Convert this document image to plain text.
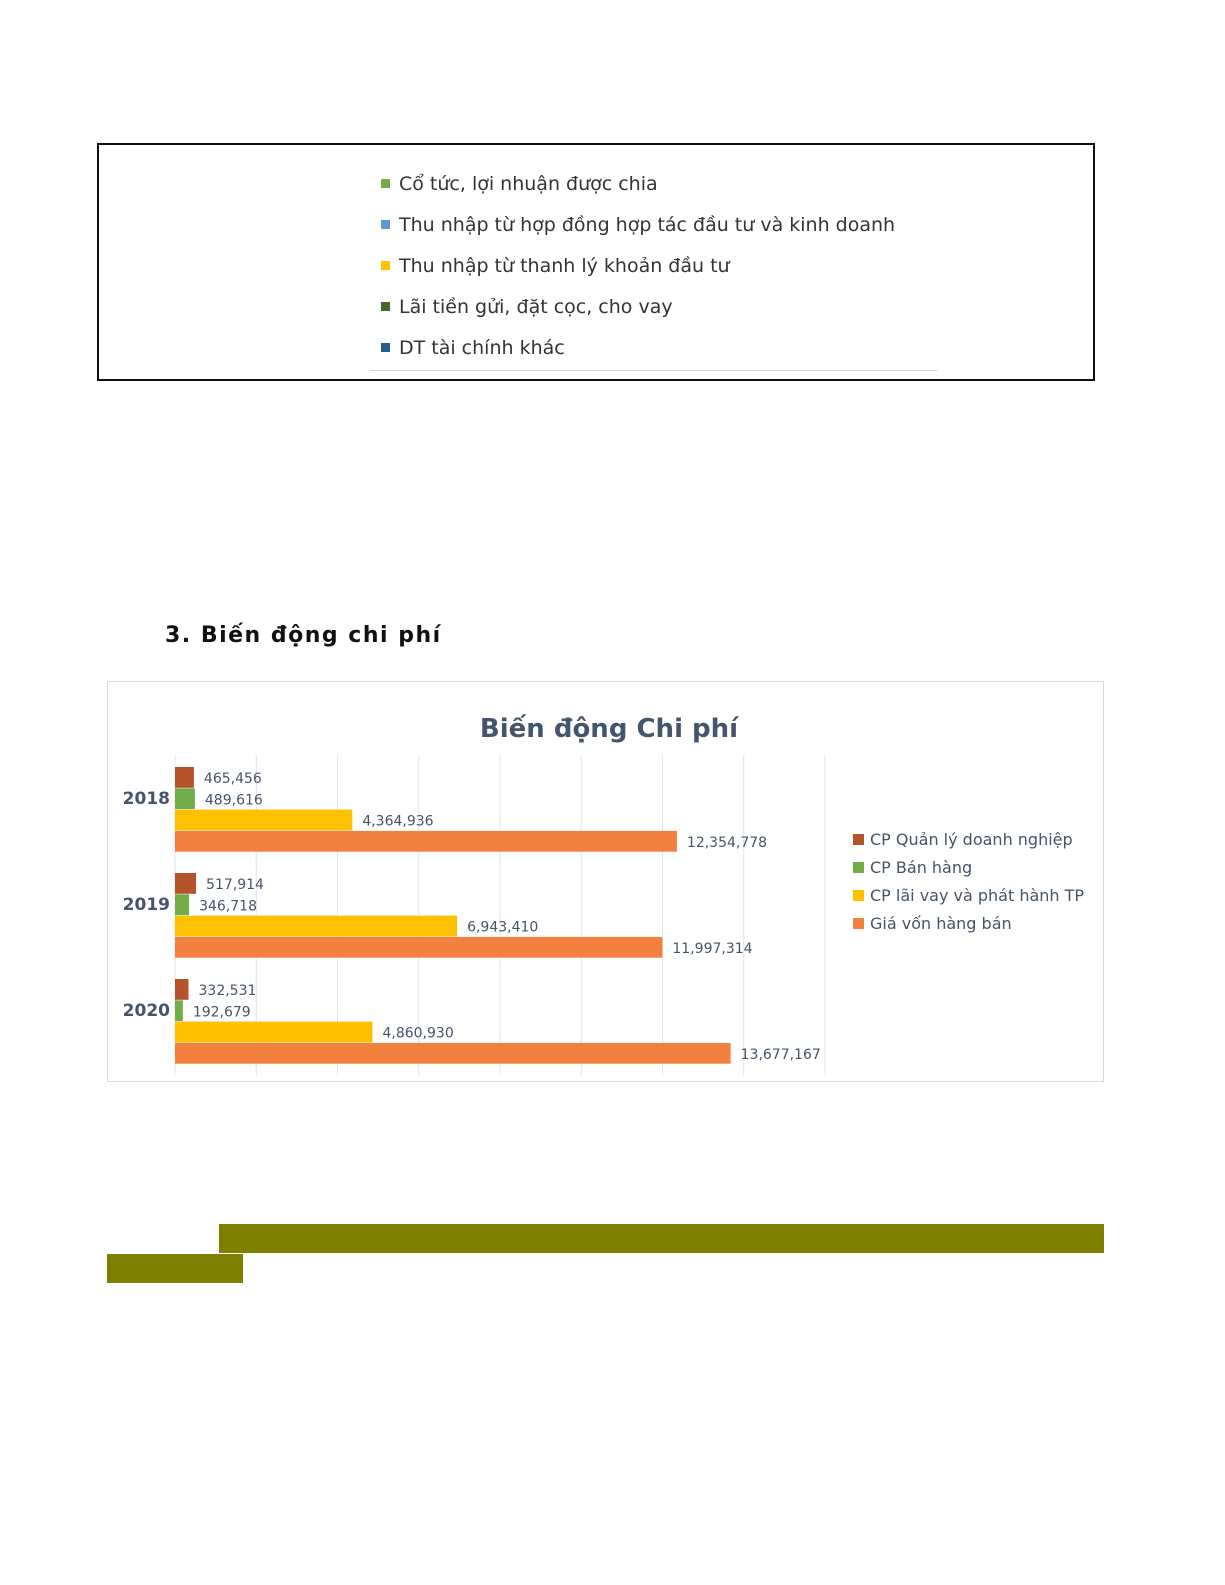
Cổ tức, lợi nhuận được chia
Thu nhập từ hợp đồng hợp tác đầu tư và kinh doanh
Thu nhập từ thanh lý khoản đầu tư
Lãi tiền gửi, đặt cọc, cho vay
DT tài chính khác
3. Biến động chi phí
Biến động Chi phí
465,456
489,616
4,364,936
12,354,778
2018
517,914
346,718
6,943,410
11,997,314
2019
332,531
192,679
4,860,930
13,677,167
2020
CP Quản lý doanh nghiệp
CP Bán hàng
CP lãi vay và phát hành TP
Giá vốn hàng bán
